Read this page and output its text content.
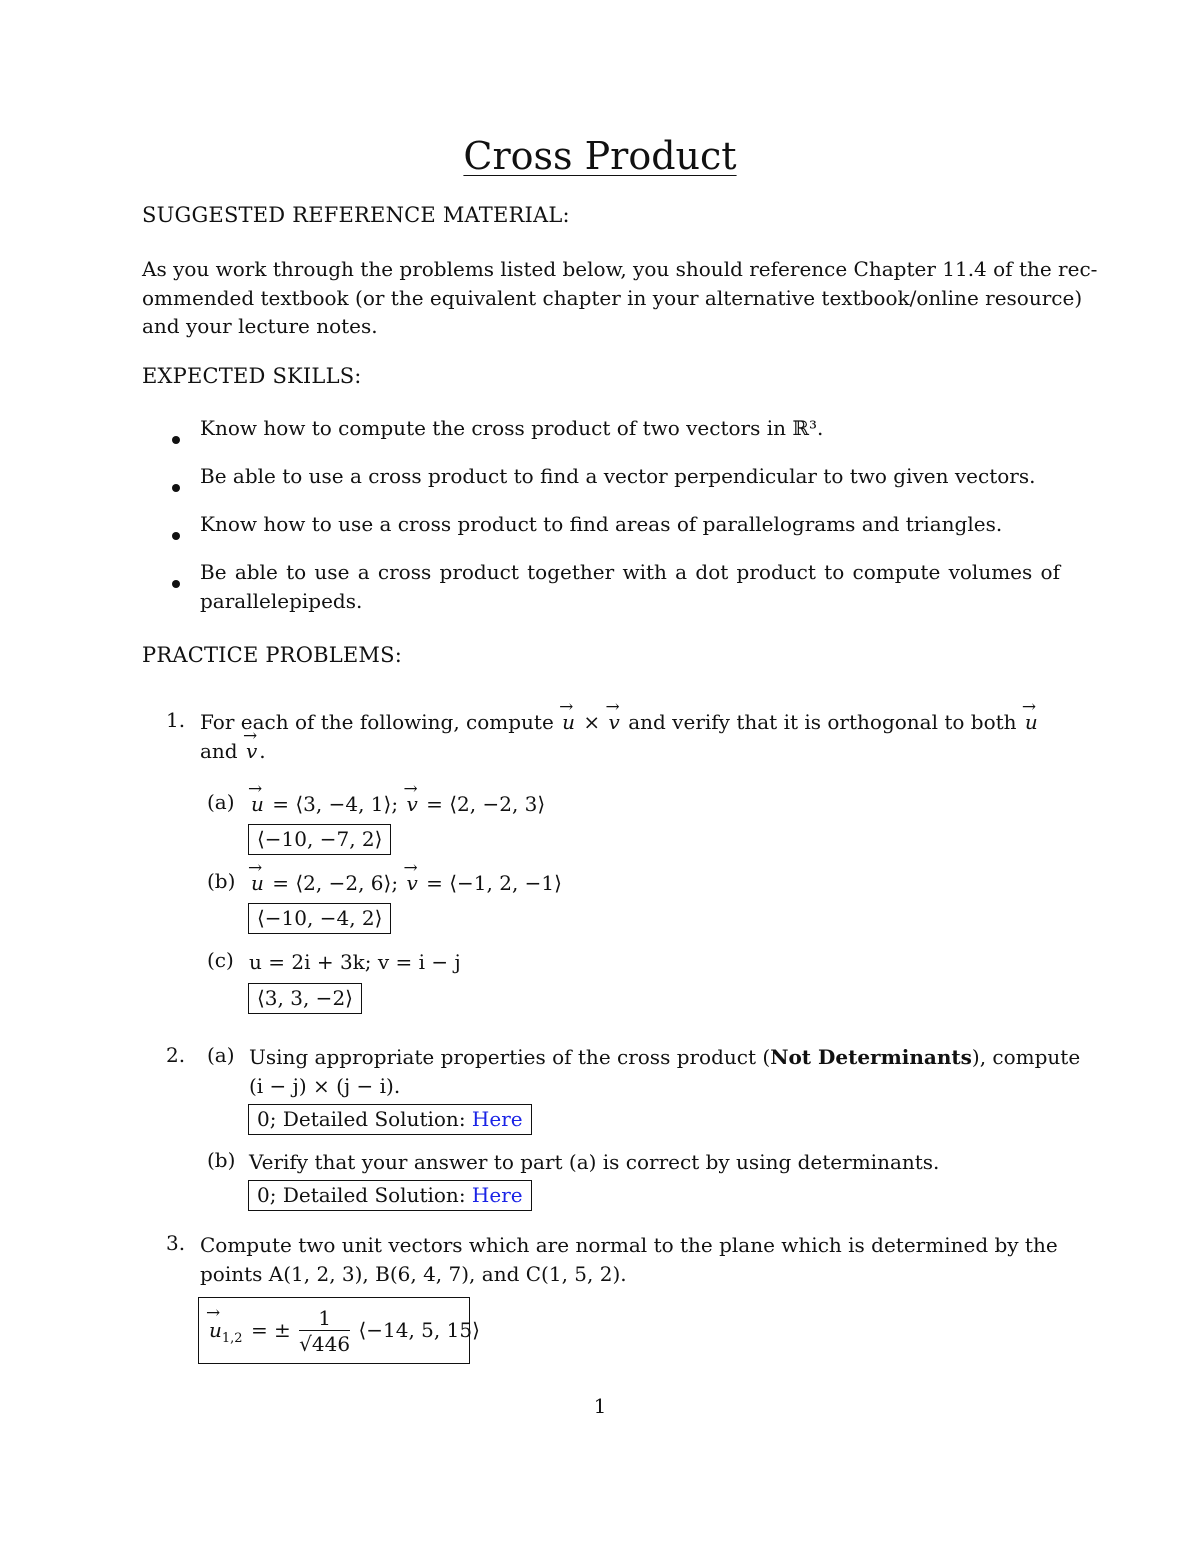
Cross Product
SUGGESTED REFERENCE MATERIAL:
As you work through the problems listed below, you should reference Chapter 11.4 of the rec-
ommended textbook (or the equivalent chapter in your alternative textbook/online resource)
and your lecture notes.
EXPECTED SKILLS:
Know how to compute the cross product of two vectors in ℝ³.
Be able to use a cross product to find a vector perpendicular to two given vectors.
Know how to use a cross product to find areas of parallelograms and triangles.
Be able to use a cross product together with a dot product to compute volumes of parallelepipeds.
PRACTICE PROBLEMS:
1. For each of the following, compute → u × → v and verify that it is orthogonal to both → u
and → v .
(a) → u = ⟨3, −4, 1⟩; → v = ⟨2, −2, 3⟩
⟨−10, −7, 2⟩
(b) → u = ⟨2, −2, 6⟩; → v = ⟨−1, 2, −1⟩
⟨−10, −4, 2⟩
(c) u = 2i + 3k; v = i − j
⟨3, 3, −2⟩
2. (a) Using appropriate properties of the cross product (Not Determinants), compute
(i − j) × (j − i).
0; Detailed Solution: Here
(b) Verify that your answer to part (a) is correct by using determinants.
0; Detailed Solution: Here
3. Compute two unit vectors which are normal to the plane which is determined by the
points A(1, 2, 3), B(6, 4, 7), and C(1, 5, 2).
→ $u_{1,2}$ = ± $\frac{1}{√446}$ ⟨−14, 5, 15⟩
1
